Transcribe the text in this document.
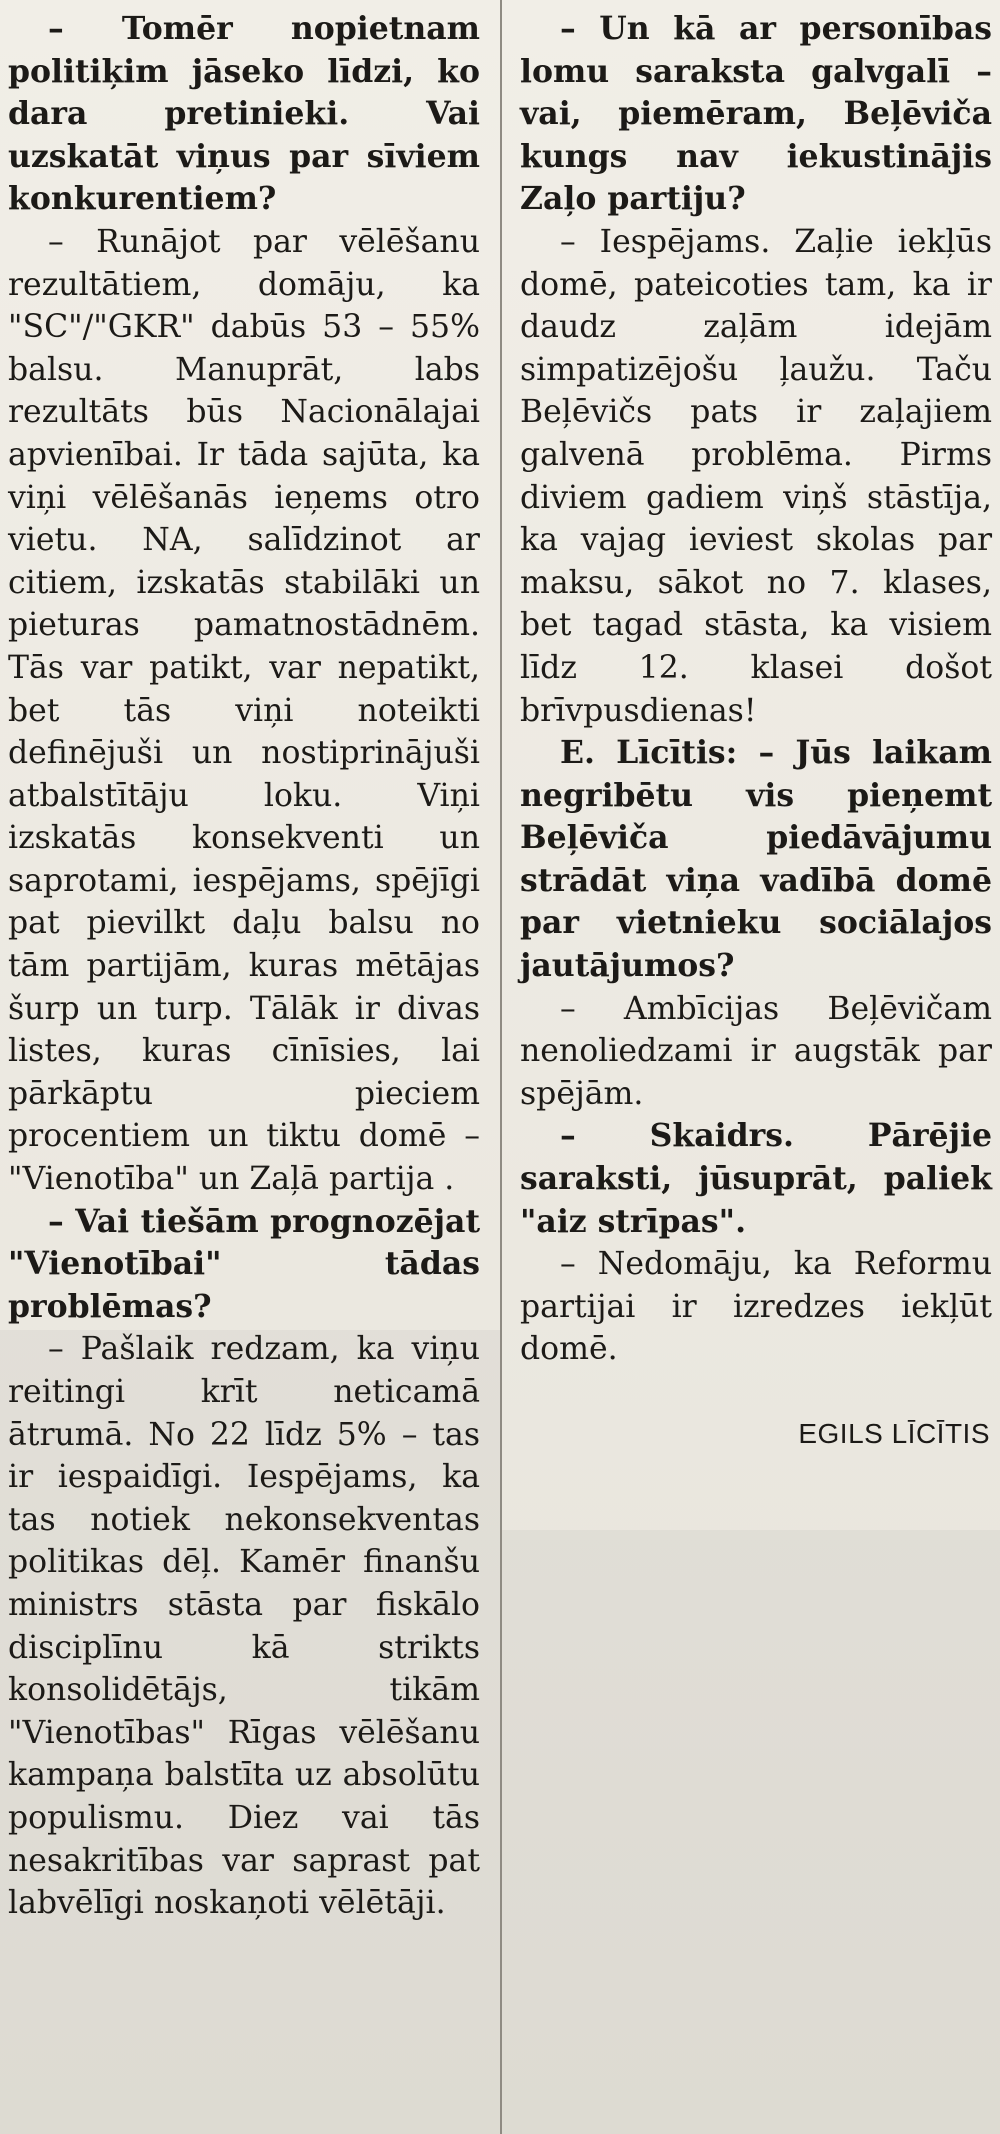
– Tomēr nopietnam politiķim jāseko līdzi, ko dara pretinieki. Vai uzskatāt viņus par sīviem konkurentiem?

– Runājot par vēlēšanu rezultātiem, domāju, ka "SC"/"GKR" dabūs 53 – 55% balsu. Manuprāt, labs rezultāts būs Nacionālajai apvienībai. Ir tāda sajūta, ka viņi vēlēšanās ieņems otro vietu. NA, salīdzinot ar citiem, izskatās stabilāki un pieturas pamatnostādnēm. Tās var patikt, var nepatikt, bet tās viņi noteikti definējuši un nostiprinājuši atbalstītāju loku. Viņi izskatās konsekventi un saprotami, iespējams, spējīgi pat pievilkt daļu balsu no tām partijām, kuras mētājas šurp un turp. Tālāk ir divas listes, kuras cīnīsies, lai pārkāptu pieciem procentiem un tiktu domē – "Vienotība" un Zaļā partija .

– Vai tiešām prognozējat "Vienotībai" tādas problēmas?

– Pašlaik redzam, ka viņu reitingi krīt neticamā ātrumā. No 22 līdz 5% – tas ir iespaidīgi. Iespējams, ka tas notiek nekonsekventas politikas dēļ. Kamēr finanšu ministrs stāsta par fiskālo disciplīnu kā strikts konsolidētājs, tikām "Vienotības" Rīgas vēlēšanu kampaņa balstīta uz absolūtu populismu. Diez vai tās nesakritības var saprast pat labvēlīgi noskaņoti vēlētāji.

– Un kā ar personības lomu saraksta galvgalī – vai, piemēram, Beļēviča kungs nav iekustinājis Zaļo partiju?

– Iespējams. Zaļie iekļūs domē, pateicoties tam, ka ir daudz zaļām idejām simpatizējošu ļaužu. Taču Beļēvičs pats ir zaļajiem galvenā problēma. Pirms diviem gadiem viņš stāstīja, ka vajag ieviest skolas par maksu, sākot no 7. klases, bet tagad stāsta, ka visiem līdz 12. klasei došot brīvpusdienas!

E. Līcītis: – Jūs laikam negribētu vis pieņemt Beļēviča piedāvājumu strādāt viņa vadībā domē par vietnieku sociālajos jautājumos?

– Ambīcijas Beļēvičam nenoliedzami ir augstāk par spējām.

– Skaidrs. Pārējie saraksti, jūsuprāt, paliek "aiz strīpas".

– Nedomāju, ka Reformu partijai ir izredzes iekļūt domē.

EGILS LĪCĪTIS
